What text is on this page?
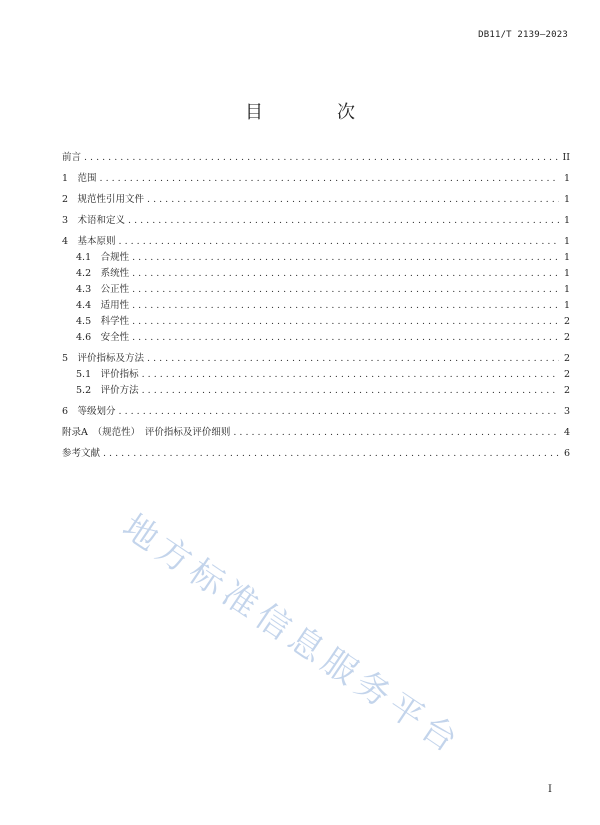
DB11/T 2139—2023
目　次
前言 . . .	II
1　范围 . . .	1
2　规范性引用文件 . . .	1
3　术语和定义 . . .	1
4　基本原则 . . .	1
4.1　合规性 . . .	1
4.2　系统性 . . .	1
4.3　公正性 . . .	1
4.4　适用性 . . .	1
4.5　科学性 . . .	2
4.6　安全性 . . .	2
5　评价指标及方法 . . .	2
5.1　评价指标 . . .	2
5.2　评价方法 . . .	2
6　等级划分 . . .	3
附录A　（规范性）　评价指标及评价细则 . . .	4
参考文献 . . .	6
地方标准信息服务平台
I
